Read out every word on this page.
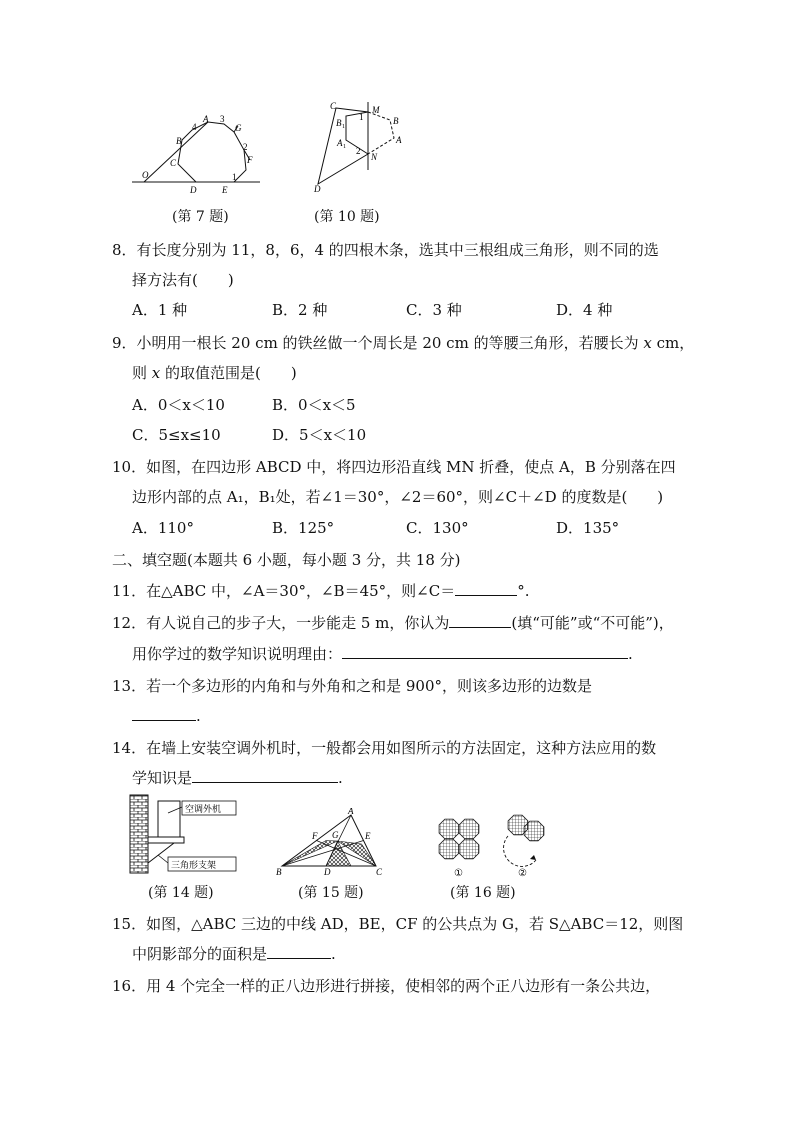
O
D	E
C
B
A
G
F
3
4
2
1
(第 7 题)
C	M
B
A
B 1
A 1
N
D
1
2
(第 10 题)
8．有长度分别为 11，8，6，4 的四根木条，选其中三根组成三角形，则不同的选
择方法有(　　)
A．1 种	B．2 种	C．3 种	D．4 种
9．小明用一根长 20 cm 的铁丝做一个周长是 20 cm 的等腰三角形，若腰长为 x cm，
则 x 的取值范围是(　　)
A．0＜x＜10	B．0＜x＜5
C．5≤x≤10	D．5＜x＜10
10．如图，在四边形 ABCD 中，将四边形沿直线 MN 折叠，使点 A，B 分别落在四
边形内部的点 A₁，B₁处，若∠1＝30°，∠2＝60°，则∠C＋∠D 的度数是(　　)
A．110°	B．125°	C．130°	D．135°
二、填空题(本题共 6 小题，每小题 3 分，共 18 分)
11．在△ABC 中，∠A＝30°，∠B＝45°，则∠C＝	°.
12．有人说自己的步子大，一步能走 5 m，你认为	(填“可能”或“不可能”)，
用你学过的数学知识说明理由：	.
13．若一个多边形的内角和与外角和之和是 900°，则该多边形的边数是
.
14．在墙上安装空调外机时，一般都会用如图所示的方法固定，这种方法应用的数
学知识是	.
空调外机
三角形支架
(第 14 题)
A
F	E
G
B	D	C
(第 15 题)
①	②
(第 16 题)
15．如图，△ABC 三边的中线 AD，BE，CF 的公共点为 G，若 S△ABC＝12，则图
中阴影部分的面积是	.
16．用 4 个完全一样的正八边形进行拼接，使相邻的两个正八边形有一条公共边，
